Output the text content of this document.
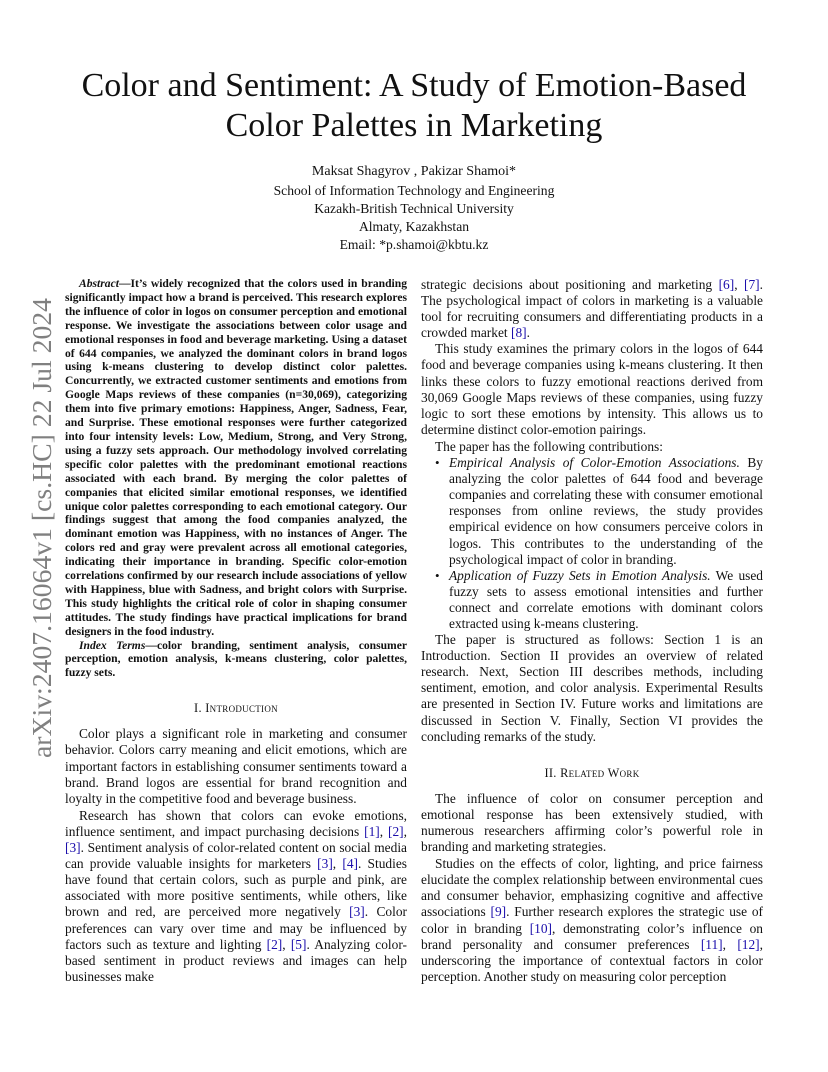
arXiv:2407.16064v1 [cs.HC] 22 Jul 2024
Color and Sentiment: A Study of Emotion-Based
Color Palettes in Marketing
Maksat Shagyrov , Pakizar Shamoi*
School of Information Technology and Engineering
Kazakh-British Technical University
Almaty, Kazakhstan
Email: *p.shamoi@kbtu.kz

Abstract—It’s widely recognized that the colors used in branding significantly impact how a brand is perceived. This research explores the influence of color in logos on consumer perception and emotional response. We investigate the associations between color usage and emotional responses in food and beverage marketing. Using a dataset of 644 companies, we analyzed the dominant colors in brand logos using k-means clustering to develop distinct color palettes. Concurrently, we extracted customer sentiments and emotions from Google Maps reviews of these companies (n=30,069), categorizing them into five primary emotions: Happiness, Anger, Sadness, Fear, and Surprise. These emotional responses were further categorized into four intensity levels: Low, Medium, Strong, and Very Strong, using a fuzzy sets approach. Our methodology involved correlating specific color palettes with the predominant emotional reactions associated with each brand. By merging the color palettes of companies that elicited similar emotional responses, we identified unique color palettes corresponding to each emotional category. Our findings suggest that among the food companies analyzed, the dominant emotion was Happiness, with no instances of Anger. The colors red and gray were prevalent across all emotional categories, indicating their importance in branding. Specific color-emotion correlations confirmed by our research include associations of yellow with Happiness, blue with Sadness, and bright colors with Surprise. This study highlights the critical role of color in shaping consumer attitudes. The study findings have practical implications for brand designers in the food industry.

Index Terms—color branding, sentiment analysis, consumer perception, emotion analysis, k-means clustering, color palettes, fuzzy sets.

I. Introduction

Color plays a significant role in marketing and consumer behavior. Colors carry meaning and elicit emotions, which are important factors in establishing consumer sentiments toward a brand. Brand logos are essential for brand recognition and loyalty in the competitive food and beverage business.

Research has shown that colors can evoke emotions, influence sentiment, and impact purchasing decisions [1], [2], [3]. Sentiment analysis of color-related content on social media can provide valuable insights for marketers [3], [4]. Studies have found that certain colors, such as purple and pink, are associated with more positive sentiments, while others, like brown and red, are perceived more negatively [3]. Color preferences can vary over time and may be influenced by factors such as texture and lighting [2], [5]. Analyzing color-based sentiment in product reviews and images can help businesses make

strategic decisions about positioning and marketing [6], [7]. The psychological impact of colors in marketing is a valuable tool for recruiting consumers and differentiating products in a crowded market [8].

This study examines the primary colors in the logos of 644 food and beverage companies using k-means clustering. It then links these colors to fuzzy emotional reactions derived from 30,069 Google Maps reviews of these companies, using fuzzy logic to sort these emotions by intensity. This allows us to determine distinct color-emotion pairings.

The paper has the following contributions:

• Empirical Analysis of Color-Emotion Associations. By analyzing the color palettes of 644 food and beverage companies and correlating these with consumer emotional responses from online reviews, the study provides empirical evidence on how consumers perceive colors in logos. This contributes to the understanding of the psychological impact of color in branding.
• Application of Fuzzy Sets in Emotion Analysis. We used fuzzy sets to assess emotional intensities and further connect and correlate emotions with dominant colors extracted using k-means clustering.

The paper is structured as follows: Section 1 is an Introduction. Section II provides an overview of related research. Next, Section III describes methods, including sentiment, emotion, and color analysis. Experimental Results are presented in Section IV. Future works and limitations are discussed in Section V. Finally, Section VI provides the concluding remarks of the study.

II. Related Work

The influence of color on consumer perception and emotional response has been extensively studied, with numerous researchers affirming color’s powerful role in branding and marketing strategies.

Studies on the effects of color, lighting, and price fairness elucidate the complex relationship between environmental cues and consumer behavior, emphasizing cognitive and affective associations [9]. Further research explores the strategic use of color in branding [10], demonstrating color’s influence on brand personality and consumer preferences [11], [12], underscoring the importance of contextual factors in color perception. Another study on measuring color perception
